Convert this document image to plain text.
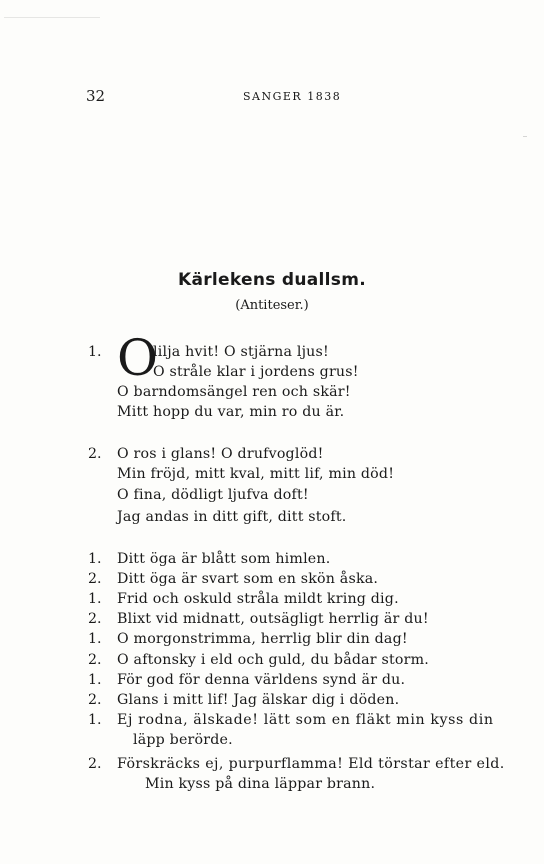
32	SANGER 1838
Kärlekens duallsm.
(Antiteser.)
1. O
lilja hvit! O stjärna ljus!
O stråle klar i jordens grus!
O barndomsängel ren och skär!
Mitt hopp du var, min ro du är.
2. O ros i glans! O drufvoglöd!
Min fröjd, mitt kval, mitt lif, min död!
O fina, dödligt ljufva doft!
Jag andas in ditt gift, ditt stoft.
1. Ditt öga är blått som himlen.
2. Ditt öga är svart som en skön åska.
1. Frid och oskuld stråla mildt kring dig.
2. Blixt vid midnatt, outsägligt herrlig är du!
1. O morgonstrimma, herrlig blir din dag!
2. O aftonsky i eld och guld, du bådar storm.
1. För god för denna världens synd är du.
2. Glans i mitt lif! Jag älskar dig i döden.
1. Ej rodna, älskade! lätt som en fläkt min kyss din
läpp berörde.
2. Förskräcks ej, purpurflamma! Eld törstar efter eld.
Min kyss på dina läppar brann.
